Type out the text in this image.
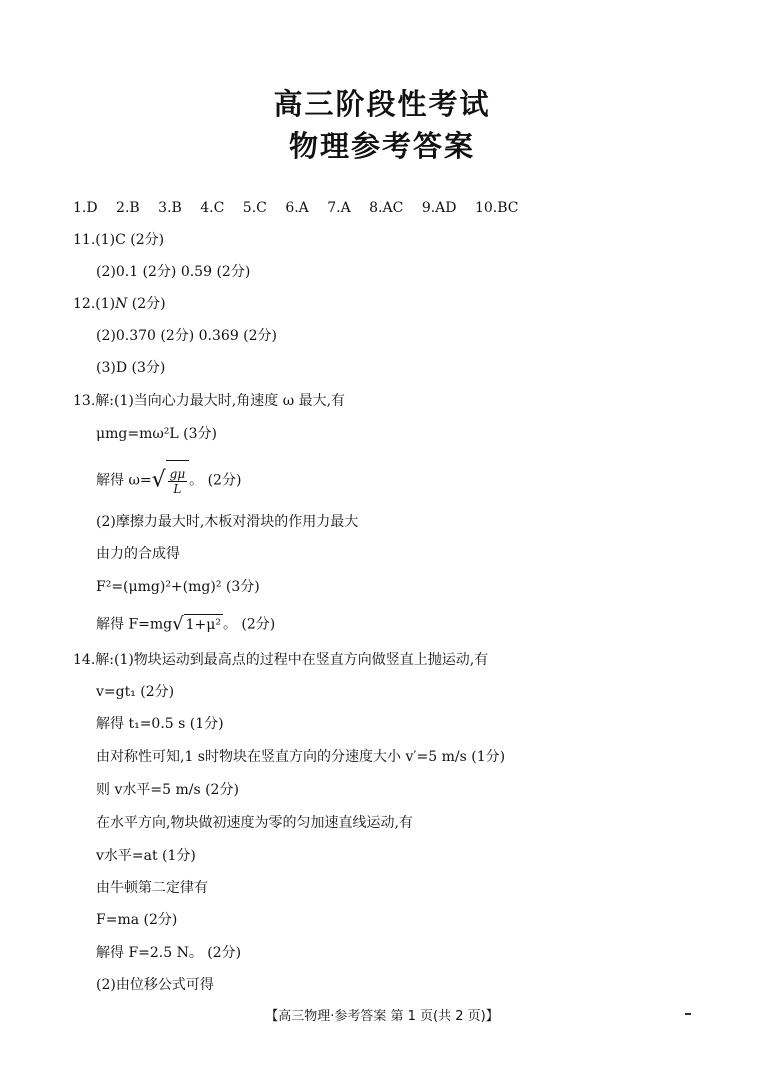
高三阶段性考试
物理参考答案
1.D 2.B 3.B 4.C 5.C 6.A 7.A 8.AC 9.AD 10.BC
11.(1)C (2分)
(2)0.1 (2分) 0.59 (2分)
12.(1)N (2分)
(2)0.370 (2分) 0.369 (2分)
(3)D (3分)
13.解:(1)当向心力最大时,角速度 ω 最大,有
μmg=mω²L (3分)
解得 $\omega=√ \frac{g\mu}{L}$ 。 (2分)
(2)摩擦力最大时,木板对滑块的作用力最大
由力的合成得
F²=(μmg)²+(mg)² (3分)
解得 F=mg√ 1+μ² 。 (2分)
14.解:(1)物块运动到最高点的过程中在竖直方向做竖直上抛运动,有
v=gt₁ (2分)
解得 t₁=0.5 s (1分)
由对称性可知,1 s时物块在竖直方向的分速度大小 v′=5 m/s (1分)
则 v水平=5 m/s (2分)
在水平方向,物块做初速度为零的匀加速直线运动,有
v水平=at (1分)
由牛顿第二定律有
F=ma (2分)
解得 F=2.5 N。 (2分)
(2)由位移公式可得
【高三物理·参考答案 第 1 页(共 2 页)】
